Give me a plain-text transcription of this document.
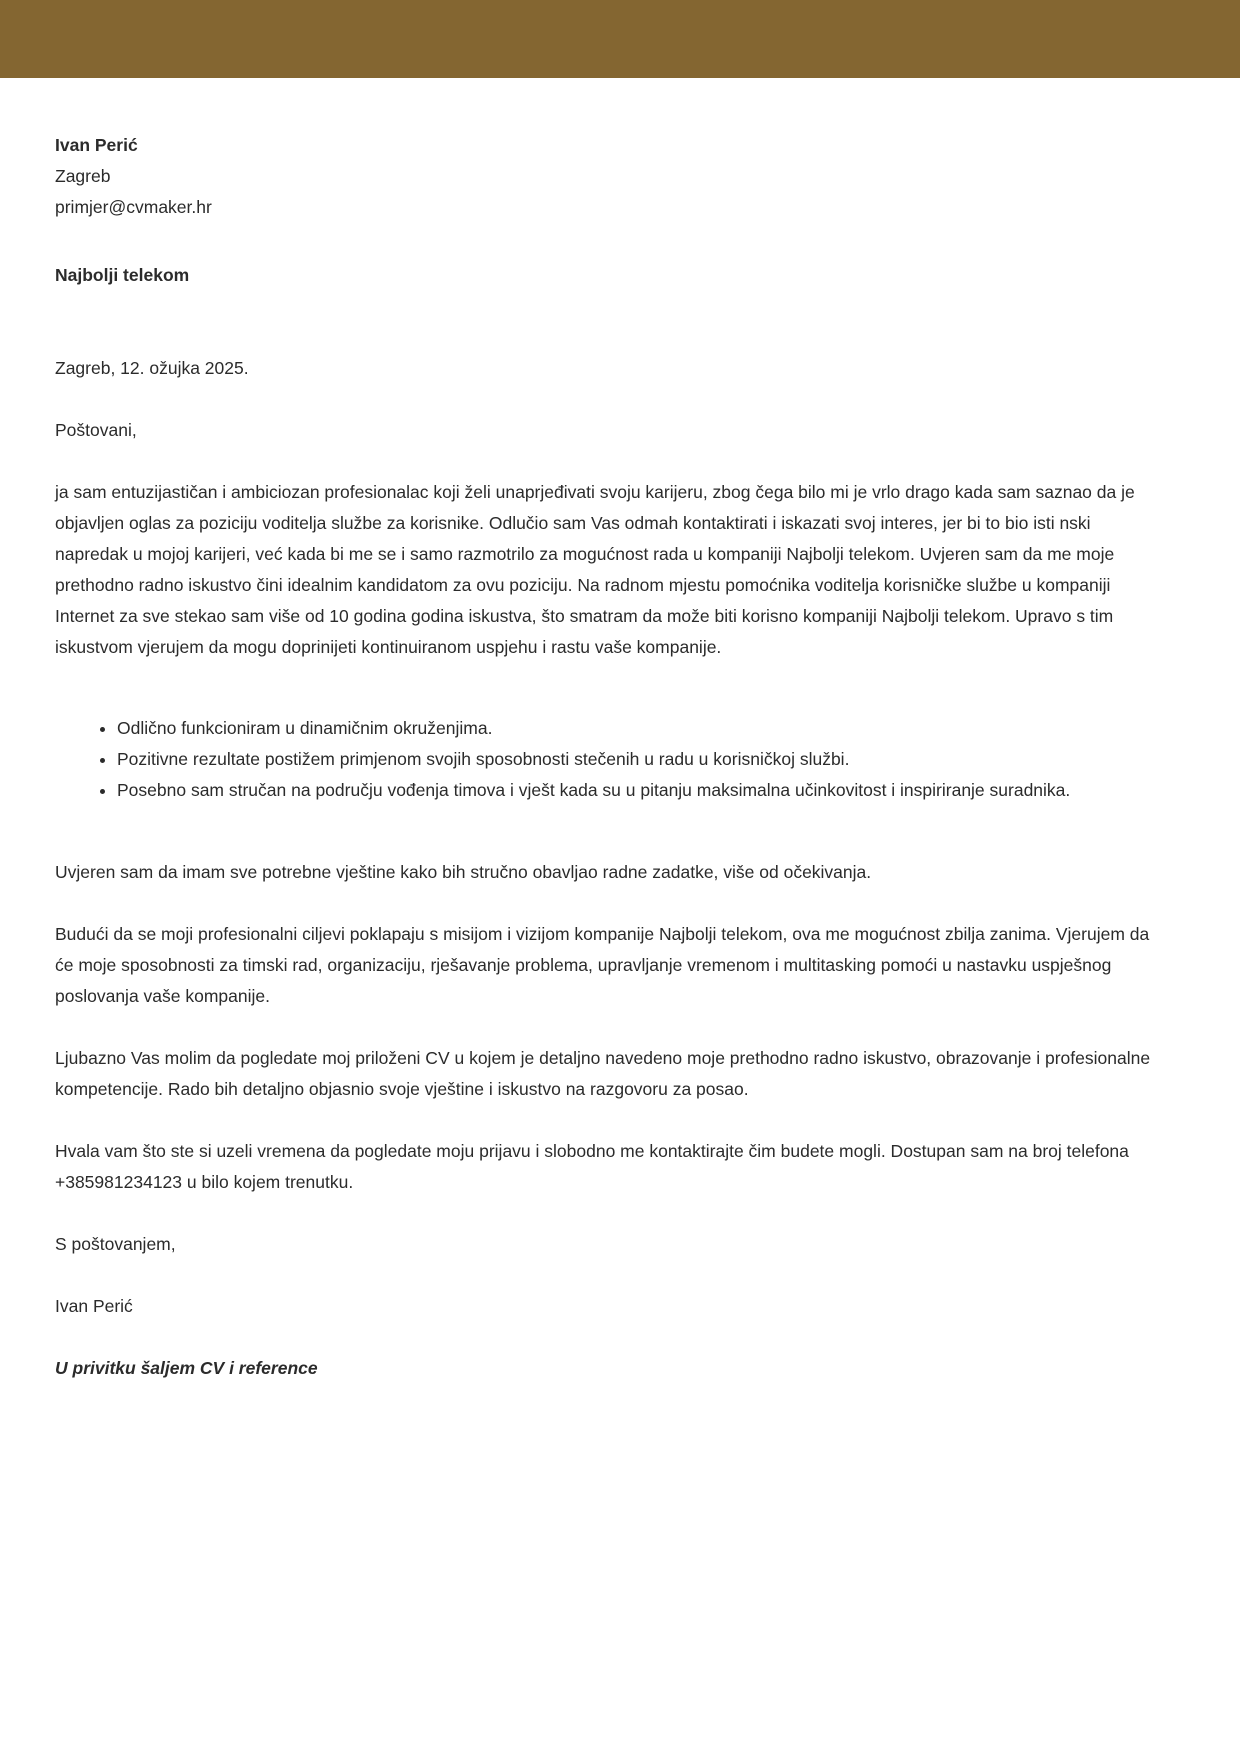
Ivan Perić
Zagreb
primjer@cvmaker.hr
Najbolji telekom

Zagreb, 12. ožujka 2025.

Poštovani,

ja sam entuzijastičan i ambiciozan profesionalac koji želi unaprjeđivati svoju karijeru, zbog čega bilo mi je vrlo drago kada sam saznao da je objavljen oglas za poziciju voditelja službe za korisnike. Odlučio sam Vas odmah kontaktirati i iskazati svoj interes, jer bi to bio isti nski napredak u mojoj karijeri, već kada bi me se i samo razmotrilo za mogućnost rada u kompaniji Najbolji telekom. Uvjeren sam da me moje prethodno radno iskustvo čini idealnim kandidatom za ovu poziciju. Na radnom mjestu pomoćnika voditelja korisničke službe u kompaniji Internet za sve stekao sam više od 10 godina godina iskustva, što smatram da može biti korisno kompaniji Najbolji telekom. Upravo s tim iskustvom vjerujem da mogu doprinijeti kontinuiranom uspjehu i rastu vaše kompanije.

• Odlično funkcioniram u dinamičnim okruženjima.
• Pozitivne rezultate postižem primjenom svojih sposobnosti stečenih u radu u korisničkoj službi.
• Posebno sam stručan na području vođenja timova i vješt kada su u pitanju maksimalna učinkovitost i inspiriranje suradnika.

Uvjeren sam da imam sve potrebne vještine kako bih stručno obavljao radne zadatke, više od očekivanja.

Budući da se moji profesionalni ciljevi poklapaju s misijom i vizijom kompanije Najbolji telekom, ova me mogućnost zbilja zanima. Vjerujem da će moje sposobnosti za timski rad, organizaciju, rješavanje problema, upravljanje vremenom i multitasking pomoći u nastavku uspješnog poslovanja vaše kompanije.

Ljubazno Vas molim da pogledate moj priloženi CV u kojem je detaljno navedeno moje prethodno radno iskustvo, obrazovanje i profesionalne kompetencije. Rado bih detaljno objasnio svoje vještine i iskustvo na razgovoru za posao.

Hvala vam što ste si uzeli vremena da pogledate moju prijavu i slobodno me kontaktirajte čim budete mogli. Dostupan sam na broj telefona +385981234123 u bilo kojem trenutku.

S poštovanjem,

Ivan Perić

U privitku šaljem CV i reference
